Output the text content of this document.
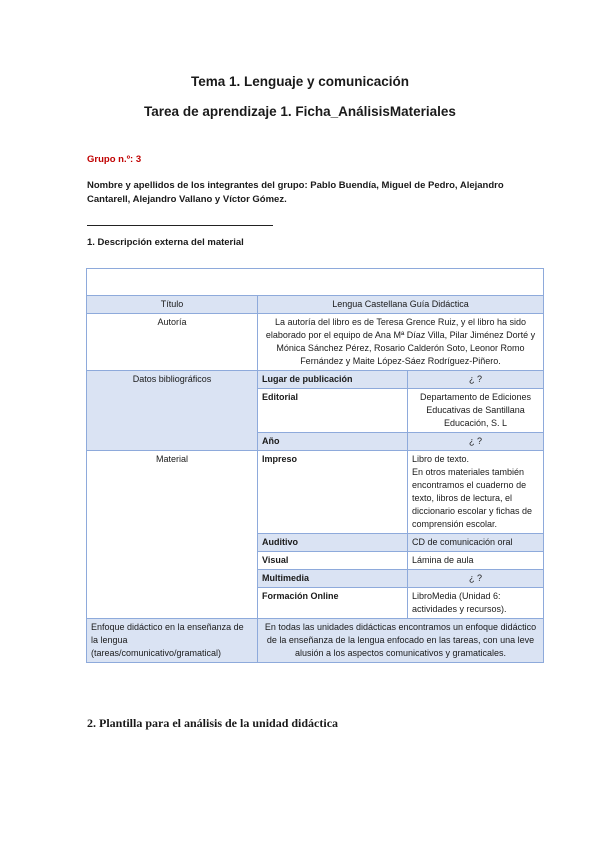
Tema 1. Lenguaje y comunicación
Tarea de aprendizaje 1. Ficha_AnálisisMateriales
Grupo n.º: 3
Nombre y apellidos de los integrantes del grupo: Pablo Buendía, Miguel de Pedro, Alejandro Cantarell, Alejandro Vallano y Víctor Gómez.
1. Descripción externa del material

Título	Lengua Castellana Guía Didáctica	
Autoría	La autoría del libro es de Teresa Grence Ruiz, y el libro ha sido elaborado por el equipo de Ana Mª Díaz Villa, Pilar Jiménez Dorté y Mónica Sánchez Pérez, Rosario Calderón Soto, Leonor Romo Fernández y Maite López-Sáez Rodríguez-Piñero.	
Datos bibliográficos	Lugar de publicación	¿ ?
	Editorial	Departamento de Ediciones Educativas de Santillana Educación, S. L
	Año	¿ ?
Material	Impreso	Libro de texto.
En otros materiales también encontramos el cuaderno de texto, libros de lectura, el diccionario escolar y fichas de comprensión escolar.

	Auditivo	CD de comunicación oral
	Visual	Lámina de aula
	Multimedia	¿ ?
	Formación Online	LibroMedia (Unidad 6: actividades y recursos).
Enfoque didáctico en la enseñanza de la lengua (tareas/comunicativo/gramatical)	En todas las unidades didácticas encontramos un enfoque didáctico de la enseñanza de la lengua enfocado en las tareas, con una leve alusión a los aspectos comunicativos y gramaticales.	
2. Plantilla para el análisis de la unidad didáctica
